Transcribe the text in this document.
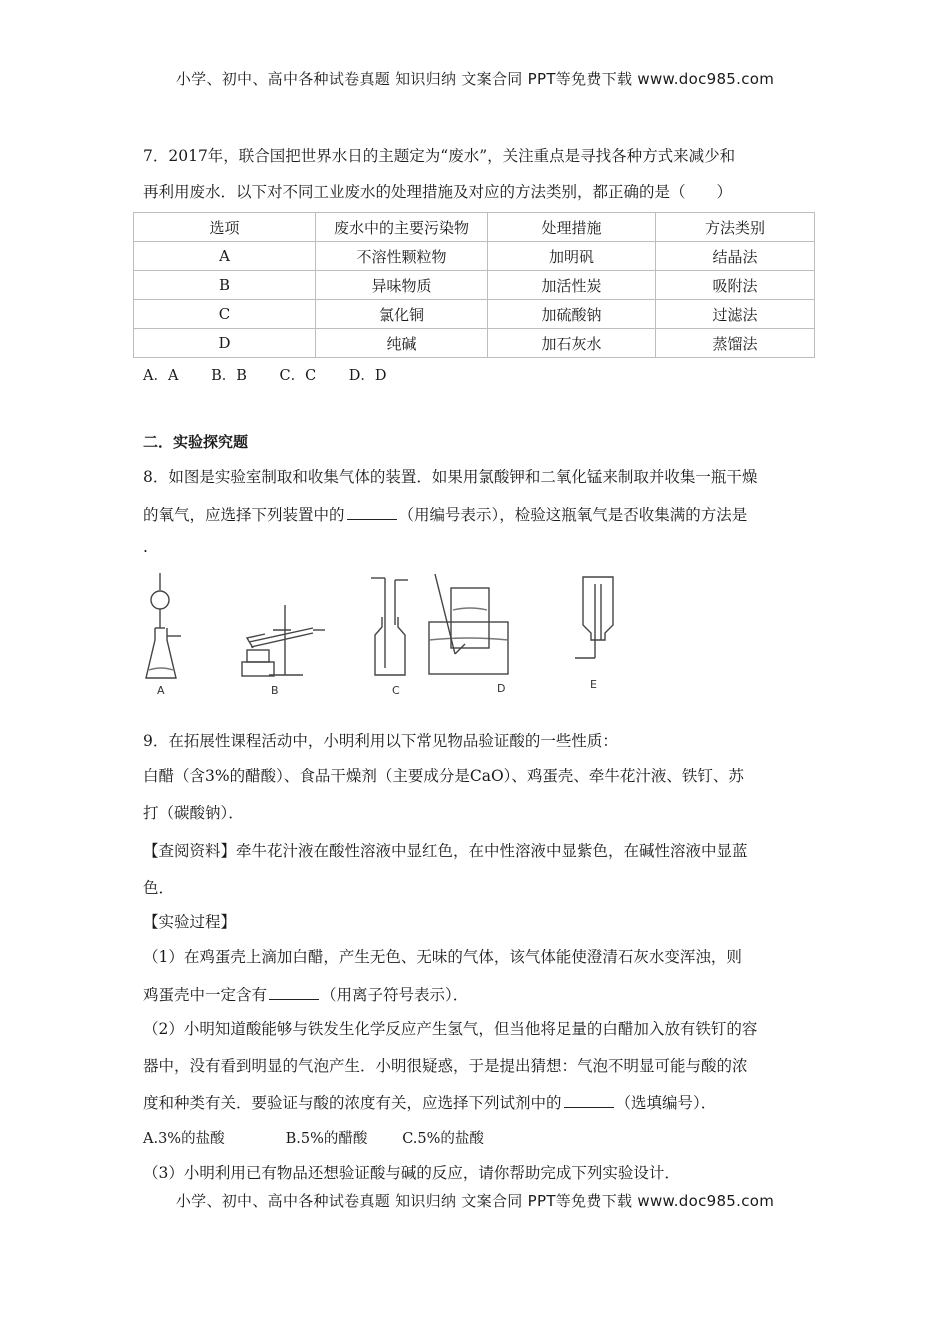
小学、初中、高中各种试卷真题 知识归纳 文案合同 PPT等免费下载 www.doc985.com
7．2017年，联合国把世界水日的主题定为“废水”，关注重点是寻找各种方式来减少和
再利用废水．以下对不同工业废水的处理措施及对应的方法类别，都正确的是（　　）
选项	废水中的主要污染物	处理措施	方法类别
A	不溶性颗粒物	加明矾	结晶法
B	异味物质	加活性炭	吸附法
C	氯化铜	加硫酸钠	过滤法
D	纯碱	加石灰水	蒸馏法
A．A B．B C．C D．D
二．实验探究题
8．如图是实验室制取和收集气体的装置．如果用氯酸钾和二氧化锰来制取并收集一瓶干燥
的氧气，应选择下列装置中的	（用编号表示），检验这瓶氧气是否收集满的方法是
.
A	B	C	D	E
9．在拓展性课程活动中，小明利用以下常见物品验证酸的一些性质：
白醋（含3%的醋酸）、食品干燥剂（主要成分是CaO）、鸡蛋壳、牵牛花汁液、铁钉、苏
打（碳酸钠）．
【查阅资料】牵牛花汁液在酸性溶液中显红色，在中性溶液中显紫色，在碱性溶液中显蓝
色．
【实验过程】
（1）在鸡蛋壳上滴加白醋，产生无色、无味的气体，该气体能使澄清石灰水变浑浊，则
鸡蛋壳中一定含有	（用离子符号表示）．
（2）小明知道酸能够与铁发生化学反应产生氢气，但当他将足量的白醋加入放有铁钉的容
器中，没有看到明显的气泡产生．小明很疑惑，于是提出猜想：气泡不明显可能与酸的浓
度和种类有关．要验证与酸的浓度有关，应选择下列试剂中的	（选填编号）．
A.3%的盐酸	B.5%的醋酸 C.5%的盐酸
（3）小明利用已有物品还想验证酸与碱的反应，请你帮助完成下列实验设计．
小学、初中、高中各种试卷真题 知识归纳 文案合同 PPT等免费下载 www.doc985.com
